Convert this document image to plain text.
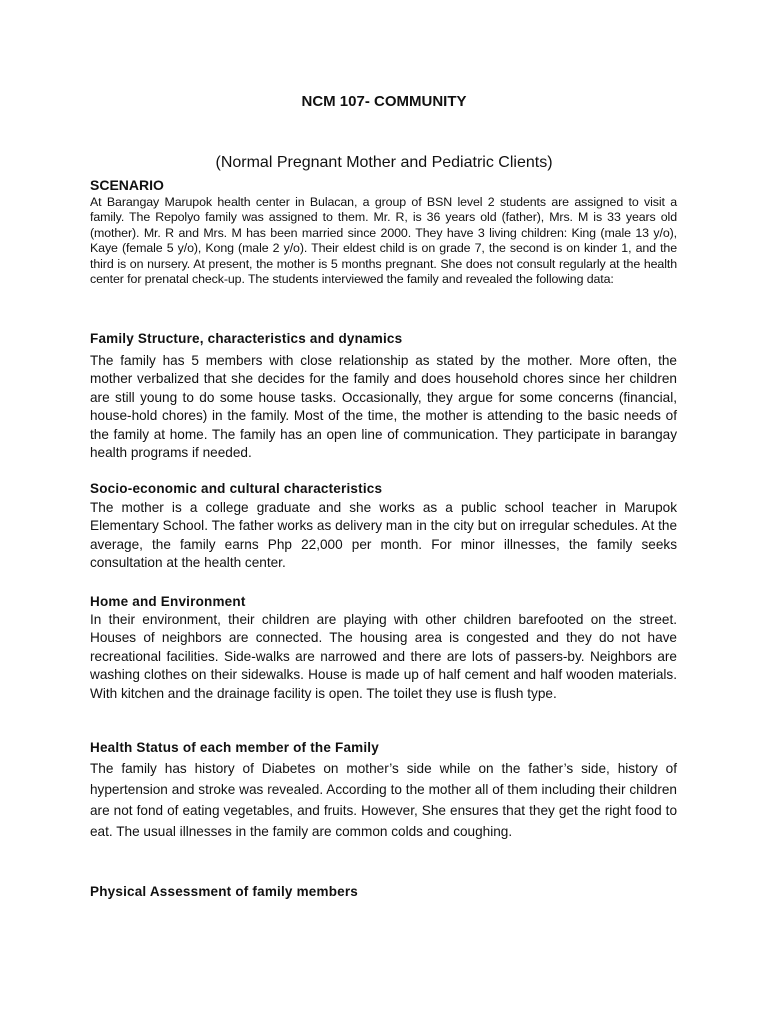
NCM 107- COMMUNITY
(Normal Pregnant Mother and Pediatric Clients)
SCENARIO
At Barangay Marupok health center in Bulacan, a group of BSN level 2 students are assigned to visit a family. The Repolyo family was assigned to them. Mr. R, is 36 years old (father), Mrs. M is 33 years old (mother). Mr. R and Mrs. M has been married since 2000. They have 3 living children: King (male 13 y/o), Kaye (female 5 y/o), Kong (male 2 y/o). Their eldest child is on grade 7, the second is on kinder 1, and the third is on nursery. At present, the mother is 5 months pregnant. She does not consult regularly at the health center for prenatal check-up. The students interviewed the family and revealed the following data:
Family Structure, characteristics and dynamics
The family has 5 members with close relationship as stated by the mother. More often, the mother verbalized that she decides for the family and does household chores since her children are still young to do some house tasks. Occasionally, they argue for some concerns (financial, house-hold chores) in the family. Most of the time, the mother is attending to the basic needs of the family at home. The family has an open line of communication. They participate in barangay health programs if needed.
Socio-economic and cultural characteristics
The mother is a college graduate and she works as a public school teacher in Marupok Elementary School. The father works as delivery man in the city but on irregular schedules. At the average, the family earns Php 22,000 per month. For minor illnesses, the family seeks consultation at the health center.
Home and Environment
In their environment, their children are playing with other children barefooted on the street. Houses of neighbors are connected. The housing area is congested and they do not have recreational facilities. Side-walks are narrowed and there are lots of passers-by. Neighbors are washing clothes on their sidewalks. House is made up of half cement and half wooden materials. With kitchen and the drainage facility is open. The toilet they use is flush type.
Health Status of each member of the Family
The family has history of Diabetes on mother’s side while on the father’s side, history of hypertension and stroke was revealed. According to the mother all of them including their children are not fond of eating vegetables, and fruits. However, She ensures that they get the right food to eat. The usual illnesses in the family are common colds and coughing.
Physical Assessment of family members
